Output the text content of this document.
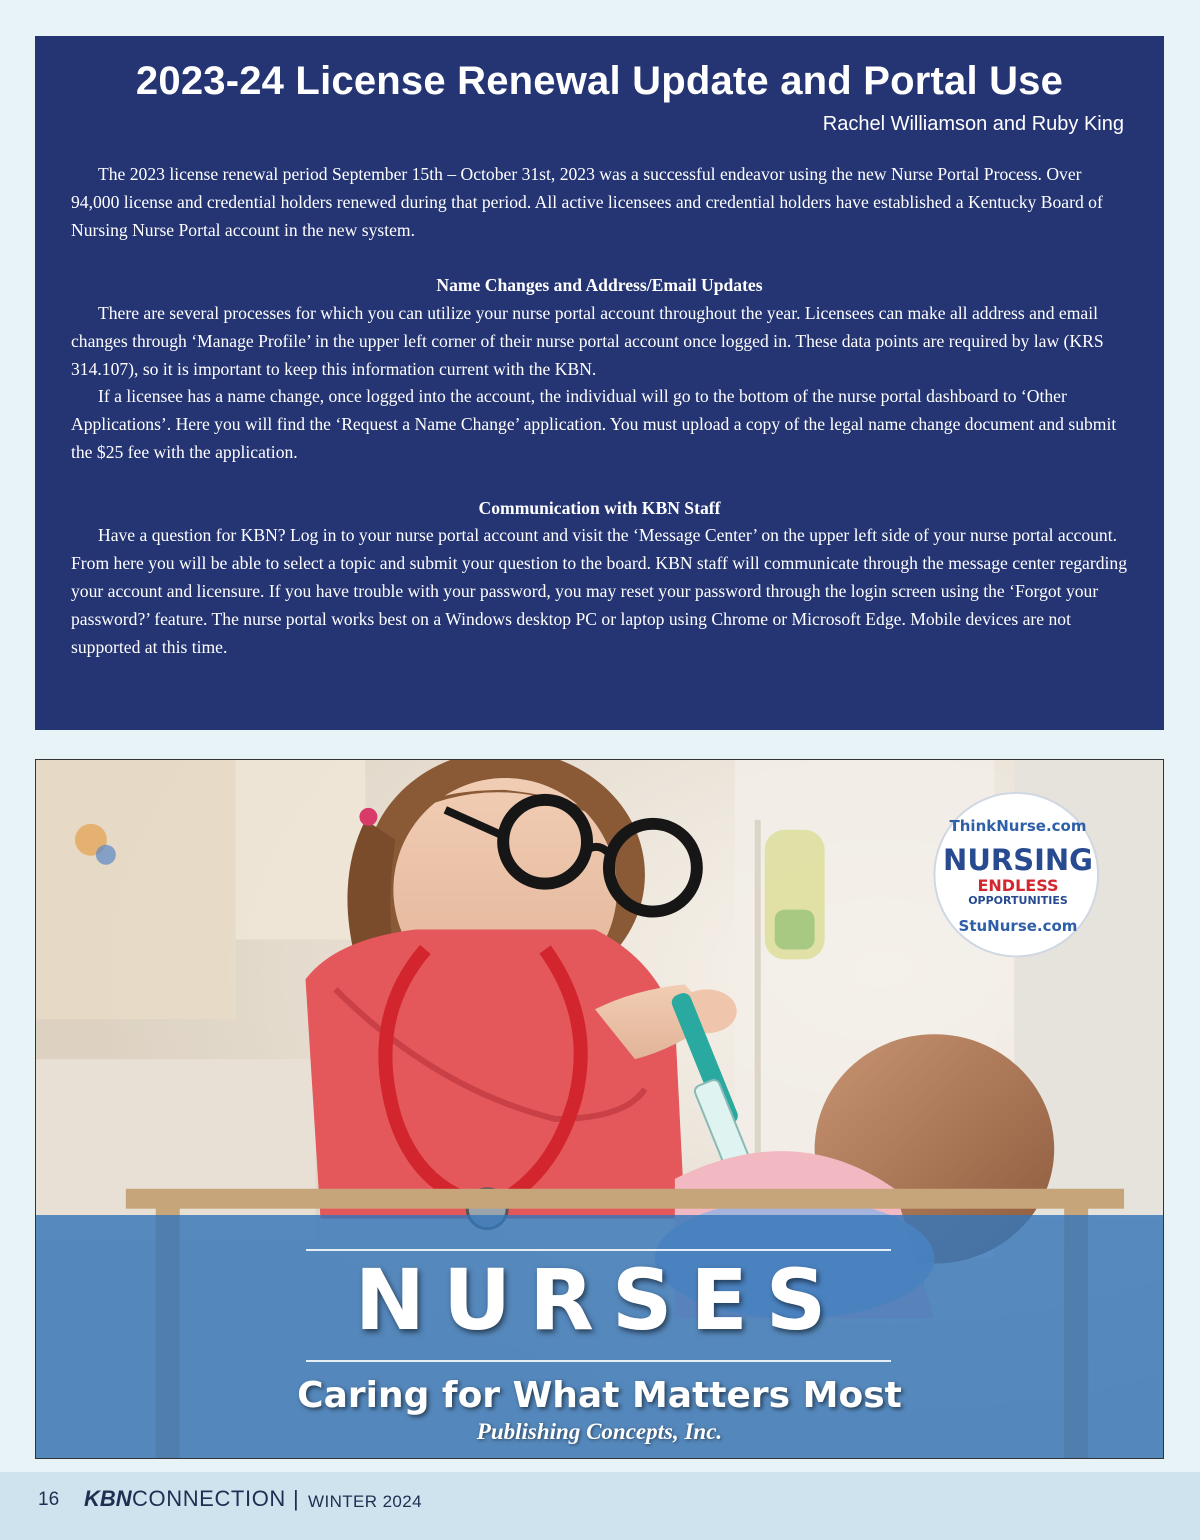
2023-24 License Renewal Update and Portal Use
Rachel Williamson and Ruby King

The 2023 license renewal period September 15th – October 31st, 2023 was a successful endeavor using the new Nurse Portal Process. Over 94,000 license and credential holders renewed during that period. All active licensees and credential holders have established a Kentucky Board of Nursing Nurse Portal account in the new system.

Name Changes and Address/Email Updates

There are several processes for which you can utilize your nurse portal account throughout the year. Licensees can make all address and email changes through ‘Manage Profile’ in the upper left corner of their nurse portal account once logged in. These data points are required by law (KRS 314.107), so it is important to keep this information current with the KBN.

If a licensee has a name change, once logged into the account, the individual will go to the bottom of the nurse portal dashboard to ‘Other Applications’. Here you will find the ‘Request a Name Change’ application. You must upload a copy of the legal name change document and submit the $25 fee with the application.

Communication with KBN Staff

Have a question for KBN? Log in to your nurse portal account and visit the ‘Message Center’ on the upper left side of your nurse portal account. From here you will be able to select a topic and submit your question to the board. KBN staff will communicate through the message center regarding your account and licensure. If you have trouble with your password, you may reset your password through the login screen using the ‘Forgot your password?’ feature. The nurse portal works best on a Windows desktop PC or laptop using Chrome or Microsoft Edge. Mobile devices are not supported at this time.

ThinkNurse.com
NURSING
ENDLESS
OPPORTUNITIES
StuNurse.com
NURSES
Caring for What Matters Most
Publishing Concepts, Inc.
16 KBN CONNECTION | WINTER 2024
